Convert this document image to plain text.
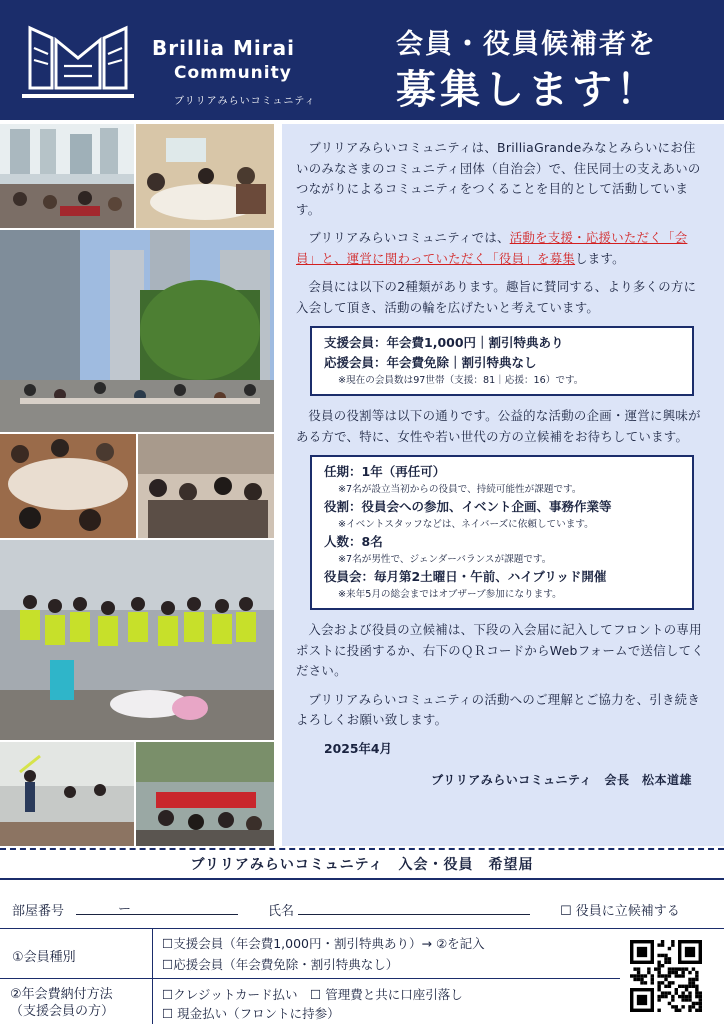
Brillia Mirai
Community
ブリリアみらいコミュニティ
会員・役員候補者を
募集します！

ブリリアみらいコミュニティは、BrilliaGrandeみなとみらいにお住いのみなさまのコミュニティ団体（自治会）で、住民同士の支えあいのつながりによるコミュニティをつくることを目的として活動しています。

ブリリアみらいコミュニティでは、活動を支援・応援いただく「会員」と、運営に関わっていただく「役員」を募集します。

会員には以下の2種類があります。趣旨に賛同する、より多くの方に入会して頂き、活動の輪を広げたいと考えています。

支援会員：年会費1,000円｜割引特典あり
応援会員：年会費免除｜割引特典なし
※現在の会員数は97世帯（支援：81｜応援：16）です。

役員の役割等は以下の通りです。公益的な活動の企画・運営に興味がある方で、特に、女性や若い世代の方の立候補をお待ちしています。

任期：1年（再任可）
※7名が設立当初からの役員で、持続可能性が課題です。
役割：役員会への参加、イベント企画、事務作業等
※イベントスタッフなどは、ネイバーズに依頼しています。
人数：8名
※7名が男性で、ジェンダーバランスが課題です。
役員会：毎月第2土曜日・午前、ハイブリッド開催
※来年5月の総会まではオブザーブ参加になります。

入会および役員の立候補は、下段の入会届に記入してフロントの専用ポストに投函するか、右下のＱＲコードからWebフォームで送信してください。

ブリリアみらいコミュニティの活動へのご理解とご協力を、引き続きよろしくお願い致します。

2025年4月
ブリリアみらいコミュニティ　会長　松本道雄
ブリリアみらいコミュニティ　入会・役員　希望届
部屋番号	ー	氏名	☐ 役員に立候補する
①会員種別
☐支援会員（年会費1,000円・割引特典あり）→ ②を記入
☐応援会員（年会費免除・割引特典なし）
②年会費納付方法
（支援会員の方）
☐クレジットカード払い　☐ 管理費と共に口座引落し
☐ 現金払い（フロントに持参）
